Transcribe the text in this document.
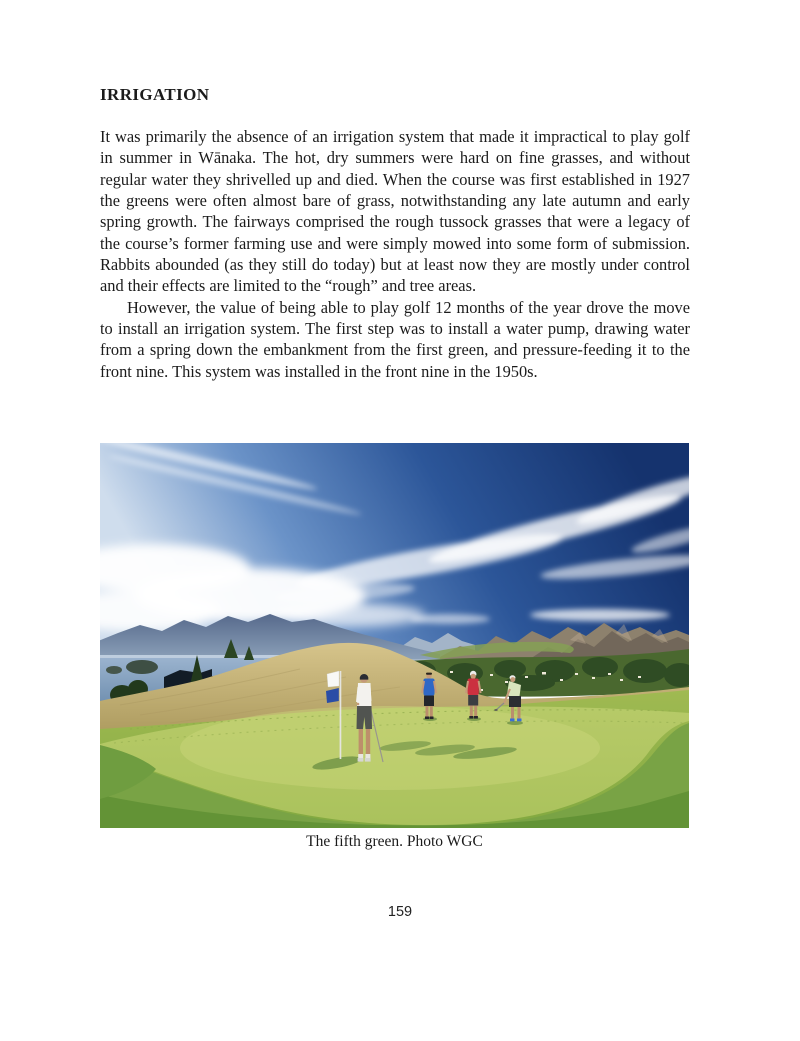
IRRIGATION

It was primarily the absence of an irrigation system that made it impractical to play golf in summer in Wānaka. The hot, dry summers were hard on fine grasses, and without regular water they shrivelled up and died. When the course was first established in 1927 the greens were often almost bare of grass, notwithstanding any late autumn and early spring growth. The fairways comprised the rough tussock grasses that were a legacy of the course’s former farming use and were simply mowed into some form of submission. Rabbits abounded (as they still do today) but at least now they are mostly under control and their effects are limited to the “rough” and tree areas.

However, the value of being able to play golf 12 months of the year drove the move to install an irrigation system. The first step was to install a water pump, drawing water from a spring down the embankment from the first green, and pressure-feeding it to the front nine. This system was installed in the front nine in the 1950s.

The fifth green. Photo WGC
159
